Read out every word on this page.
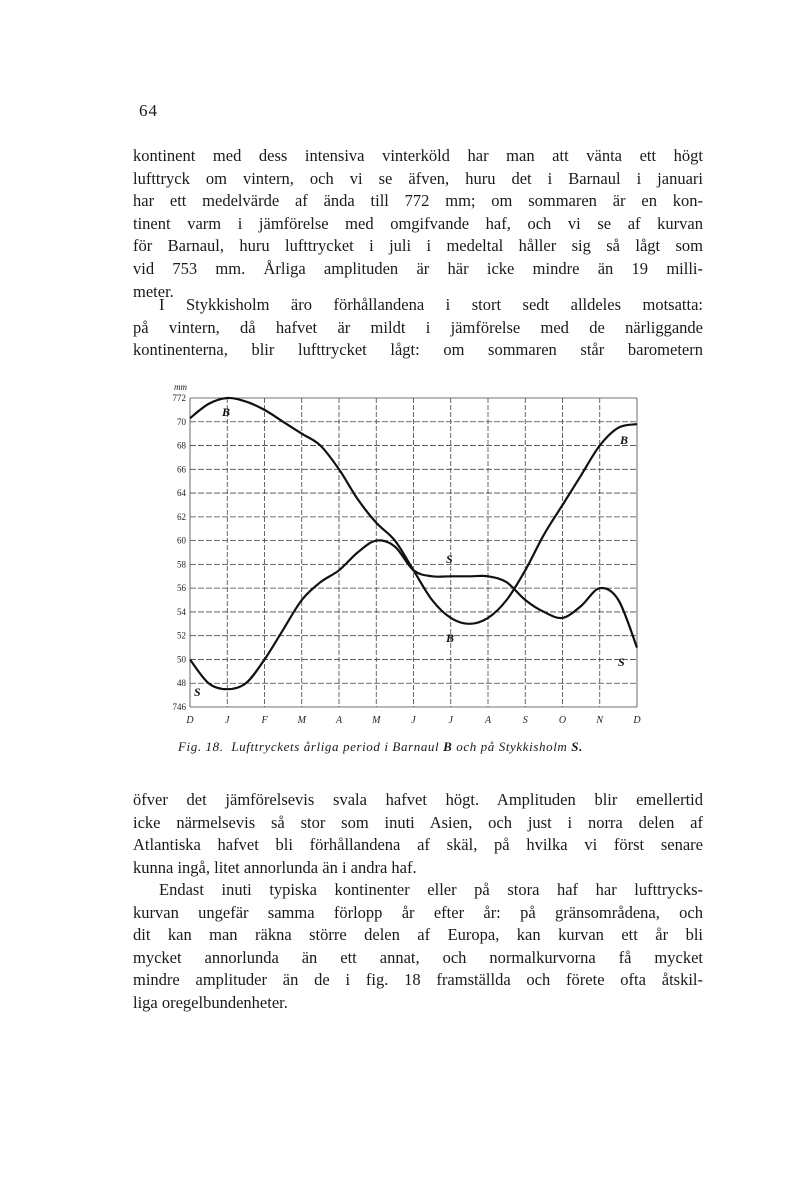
64
kontinent med dess intensiva vinterköld har man att vänta ett högt
lufttryck om vintern, och vi se äfven, huru det i Barnaul i januari
har ett medelvärde af ända till 772 mm; om sommaren är en kon-
tinent varm i jämförelse med omgifvande haf, och vi se af kurvan
för Barnaul, huru lufttrycket i juli i medeltal håller sig så lågt som
vid 753 mm. Årliga amplituden är här icke mindre än 19 milli-
meter.
I Stykkisholm äro förhållandena i stort sedt alldeles motsatta:
på vintern, då hafvet är mildt i jämförelse med de närliggande
kontinenterna, blir lufttrycket lågt: om sommaren står barometern
mm
772
70
68
66
64
62
60
58
56
54
52
50
48
746
D	J	F	M	A	M	J	J	A	S	O	N	D
B
B
B
S
S
S
Fig. 18. Lufttryckets årliga period i Barnaul B och på Stykkisholm S.
öfver det jämförelsevis svala hafvet högt. Amplituden blir emellertid
icke närmelsevis så stor som inuti Asien, och just i norra delen af
Atlantiska hafvet bli förhållandena af skäl, på hvilka vi först senare
kunna ingå, litet annorlunda än i andra haf.
Endast inuti typiska kontinenter eller på stora haf har lufttrycks-
kurvan ungefär samma förlopp år efter år: på gränsområdena, och
dit kan man räkna större delen af Europa, kan kurvan ett år bli
mycket annorlunda än ett annat, och normalkurvorna få mycket
mindre amplituder än de i fig. 18 framställda och förete ofta åtskil-
liga oregelbundenheter.
